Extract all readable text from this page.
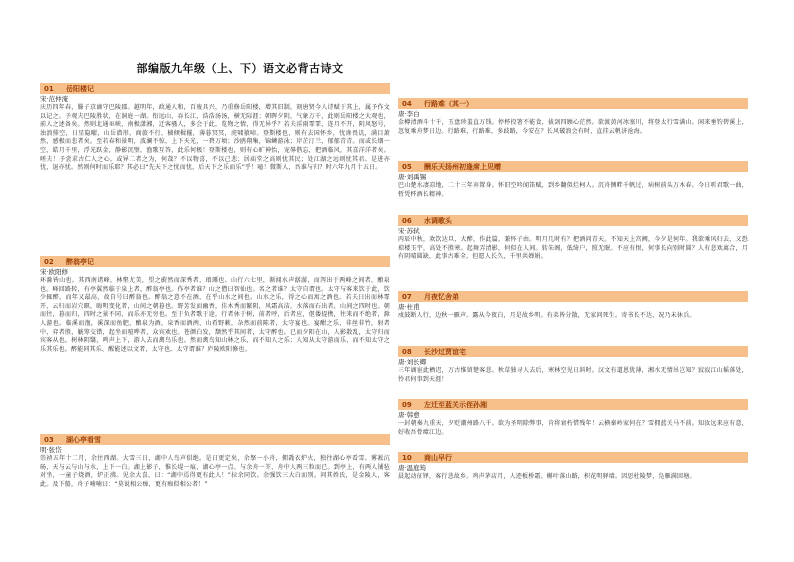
部编版九年级（上、下）语文必背古诗文
01	岳阳楼记
宋·范仲淹
庆历四年春，滕子京谪守巴陵郡。越明年，政通人和，百废具兴，乃重修岳阳楼，增其旧制，刻唐贤今人诗赋于其上，属予作文以记之。予观夫巴陵胜状，在洞庭一湖。衔远山，吞长江，浩浩汤汤，横无际涯；朝晖夕阴，气象万千，此则岳阳楼之大观也，前人之述备矣。然则北通巫峡，南极潇湘，迁客骚人，多会于此，览物之情，得无异乎？若夫淫雨霏霏，连月不开，阴风怒号，浊浪排空，日星隐曜，山岳潜形，商旅不行，樯倾楫摧，薄暮冥冥，虎啸猿啼。登斯楼也，则有去国怀乡，忧谗畏讥，满目萧然，感极而悲者矣。至若春和景明，波澜不惊，上下天光，一碧万顷；沙鸥翔集，锦鳞游泳；岸芷汀兰，郁郁青青。而或长烟一空，皓月千里，浮光跃金，静影沉璧，渔歌互答，此乐何极！登斯楼也，则有心旷神怡，宠辱偕忘，把酒临风，其喜洋洋者矣。嗟夫！予尝求古仁人之心，或异二者之为，何哉？不以物喜，不以己悲；居庙堂之高则忧其民；处江湖之远则忧其君。是进亦忧，退亦忧。然则何时而乐耶？其必曰“先天下之忧而忧，后天下之乐而乐”乎！噫！微斯人，吾谁与归？时六年九月十五日。
02	醉翁亭记
宋·欧阳修
环滁皆山也。其西南诸峰，林壑尤美，望之蔚然而深秀者，琅琊也。山行六七里，渐闻水声潺潺，而泻出于两峰之间者，酿泉也。峰回路转，有亭翼然临于泉上者，醉翁亭也。作亭者谁？山之僧曰智仙也。名之者谁？太守自谓也。太守与客来饮于此，饮少辄醉，而年又最高，故自号曰醉翁也。醉翁之意不在酒，在乎山水之间也。山水之乐，得之心而寓之酒也。若夫日出而林霏开，云归而岩穴暝，晦明变化者，山间之朝暮也。野芳发而幽香，佳木秀而繁阴，风霜高洁，水落而石出者，山间之四时也。朝而往，暮而归，四时之景不同，而乐亦无穷也。至于负者歌于途，行者休于树，前者呼，后者应，伛偻提携，往来而不绝者，滁人游也。临溪而渔，溪深而鱼肥，酿泉为酒，泉香而酒洌，山肴野蔌，杂然而前陈者，太守宴也。宴酣之乐，非丝非竹，射者中，弈者胜，觥筹交错，起坐而喧哗者，众宾欢也。苍颜白发，颓然乎其间者，太守醉也。已而夕阳在山，人影散乱，太守归而宾客从也。树林阴翳，鸣声上下，游人去而禽鸟乐也。然而禽鸟知山林之乐，而不知人之乐；人知从太守游而乐，而不知太守之乐其乐也。醉能同其乐，醒能述以文者，太守也。太守谓谁？庐陵欧阳修也。
03	湖心亭看雪
明·张岱
崇祯五年十二月，余住西湖。大雪三日，湖中人鸟声俱绝。是日更定矣，余拏一小舟，拥毳衣炉火，独往湖心亭看雪。雾凇沆砀，天与云与山与水，上下一白。湖上影子，惟长堤一痕、湖心亭一点、与余舟一芥、舟中人两三粒而已。到亭上，有两人铺毡对坐，一童子烧酒，炉正沸。见余大喜，曰：“湖中焉得更有此人！”拉余同饮。余强饮三大白而别。问其姓氏，是金陵人，客此。及下船，舟子喃喃曰：“莫说相公痴，更有痴似相公者！”
04	行路难（其一）
唐·李白
金樽清酒斗十千，玉盘珍羞直万钱。停杯投箸不能食，拔剑四顾心茫然。欲渡黄河冰塞川，将登太行雪满山。闲来垂钓碧溪上，忽复乘舟梦日边。行路难，行路难，多歧路，今安在？长风破浪会有时，直挂云帆济沧海。
05	酬乐天扬州初逢席上见赠
唐·刘禹锡
巴山楚水凄凉地，二十三年弃置身。怀旧空吟闻笛赋，到乡翻似烂柯人。沉舟侧畔千帆过，病树前头万木春。今日听君歌一曲，暂凭杯酒长精神。
06	水调歌头
宋·苏轼
丙辰中秋，欢饮达旦，大醉，作此篇，兼怀子由。明月几时有？把酒问青天。不知天上宫阙，今夕是何年。我欲乘风归去，又恐琼楼玉宇，高处不胜寒。起舞弄清影，何似在人间。转朱阁，低绮户，照无眠。不应有恨，何事长向别时圆？人有悲欢离合，月有阴晴圆缺，此事古难全。但愿人长久，千里共婵娟。
07	月夜忆舍弟
唐·杜甫
戍鼓断人行，边秋一雁声。露从今夜白，月是故乡明。有弟皆分散，无家问死生。寄书长不达，况乃未休兵。
08	长沙过贾谊宅
唐·刘长卿
三年谪宦此栖迟，万古惟留楚客悲。秋草独寻人去后，寒林空见日斜时。汉文有道恩犹薄，湘水无情吊岂知？寂寂江山摇落处，怜君何事到天涯！
09	左迁至蓝关示侄孙湘
唐·韩愈
一封朝奏九重天，夕贬潮州路八千。欲为圣明除弊事，肯将衰朽惜残年！云横秦岭家何在？雪拥蓝关马不前。知汝远来应有意，好收吾骨瘴江边。
10	商山早行
唐·温庭筠
晨起动征铎，客行悲故乡。鸡声茅店月，人迹板桥霜。槲叶落山路，枳花明驿墙。因思杜陵梦，凫雁满回塘。
